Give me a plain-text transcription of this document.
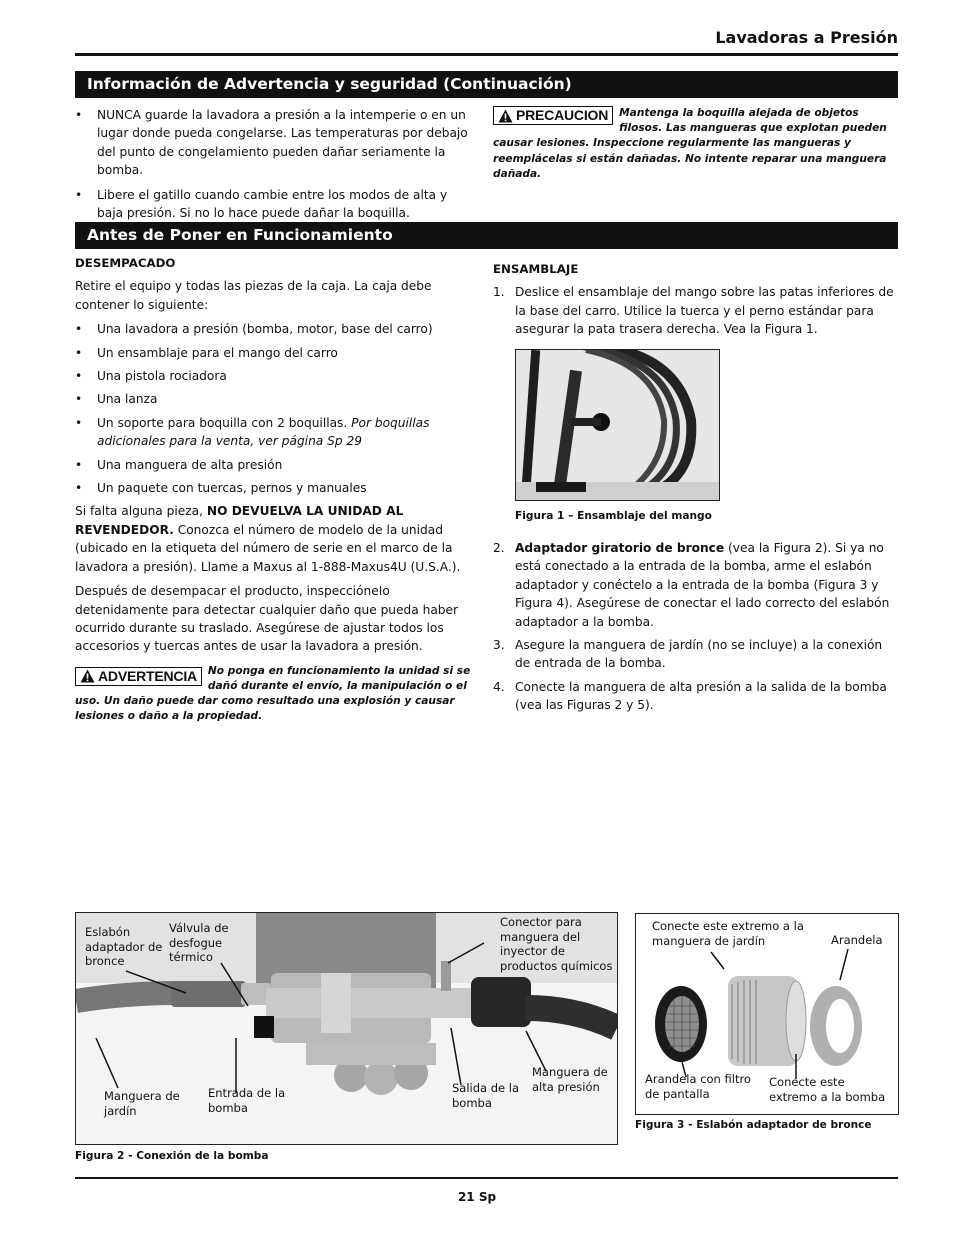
Lavadoras a Presión
Información de Advertencia y seguridad (Continuación)
• NUNCA guarde la lavadora a presión a la intemperie o en un lugar donde pueda congelarse. Las temperaturas por debajo del punto de congelamiento pueden dañar seriamente la bomba.
• Libere el gatillo cuando cambie entre los modos de alta y baja presión. Si no lo hace puede dañar la boquilla.
PRECAUCION Mantenga la boquilla alejada de objetos filosos. Las mangueras que explotan pueden causar lesiones. Inspeccione regularmente las mangueras y reemplácelas si están dañadas. No intente reparar una manguera dañada.
Antes de Poner en Funcionamiento
DESEMPACADO
Retire el equipo y todas las piezas de la caja. La caja debe contener lo siguiente:
• Una lavadora a presión (bomba, motor, base del carro)
• Un ensamblaje para el mango del carro
• Una pistola rociadora
• Una lanza
• Un soporte para boquilla con 2 boquillas. Por boquillas adicionales para la venta, ver página Sp 29
• Una manguera de alta presión
• Un paquete con tuercas, pernos y manuales
Si falta alguna pieza, NO DEVUELVA LA UNIDAD AL REVENDEDOR. Conozca el número de modelo de la unidad (ubicado en la etiqueta del número de serie en el marco de la lavadora a presión). Llame a Maxus al 1-888-Maxus4U (U.S.A.).
Después de desempacar el producto, inspeccióneIo detenidamente para detectar cualquier daño que pueda haber ocurrido durante su traslado. Asegúrese de ajustar todos los accesorios y tuercas antes de usar la lavadora a presión.
ADVERTENCIA No ponga en funcionamiento la unidad si se dañó durante el envío, la manipulación o el uso. Un daño puede dar como resultado una explosión y causar lesiones o daño a la propiedad.
ENSAMBLAJE
1. Deslice el ensamblaje del mango sobre las patas inferiores de la base del carro. Utilice la tuerca y el perno estándar para asegurar la pata trasera derecha. Vea la Figura 1.
Figura 1 – Ensamblaje del mango
2. Adaptador giratorio de bronce (vea la Figura 2). Si ya no está conectado a la entrada de la bomba, arme el eslabón adaptador y conéctelo a la entrada de la bomba (Figura 3 y Figura 4). Asegúrese de conectar el lado correcto del eslabón adaptador a la bomba.
3. Asegure la manguera de jardín (no se incluye) a la conexión de entrada de la bomba.
4. Conecte la manguera de alta presión a la salida de la bomba (vea las Figuras 2 y 5).
Eslabón adaptador de bronce
Válvula de desfogue térmico
Conector para manguera del inyector de productos químicos
Manguera de jardín
Entrada de la bomba
Salida de la bomba
Manguera de alta presión
Figura 2 - Conexión de la bomba
Conecte este extremo a la manguera de jardín	Arandela
Arandela con filtro de pantalla
Conecte este extremo a la bomba
Figura 3 - Eslabón adaptador de bronce
21 Sp
